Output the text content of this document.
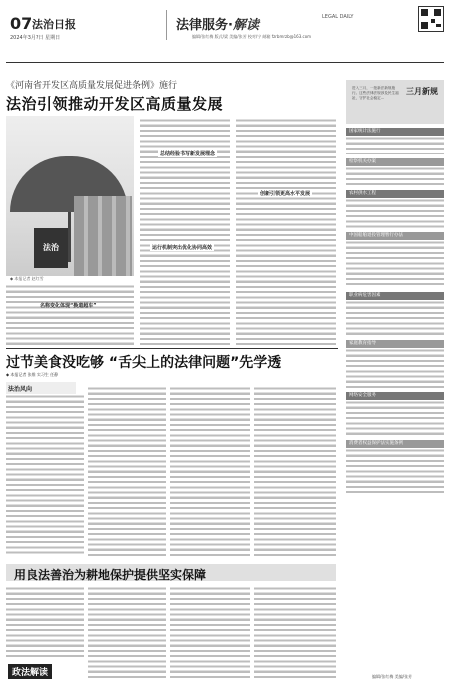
07 法治日报
2024年3月?日 星期日
法律服务·解读
LEGAL DAILY
编辑/张红梅 版式/梁 美编/张芳 校对/宁 邮箱 fzrbmrzb@163.com
《河南省开发区高质量发展促进条例》施行
法治引领推动开发区高质量发展
法治
◆ 本报记者 赵红雪
名称变化体现“换道超车”
总结经验书写新发展理念
运行机制突出优化协同高效
创新引领更高水平发展
进入三月，一批新法新规施行。这些法律法规涉及民生福祉，守护社会稳定…
三月新规
国家统计法施行
检察机关办案
农村供水工程
中国船舶退役管理暂行办法
职业病危害因素
家庭教育指导
网络安全服务
消费者权益保护法实施条例
编辑/张红梅 美编/张芳
过节美食没吃够 “舌尖上的法律问题”先学透
◆ 本报记者 张维 实习生 任静
法治风向
用良法善治为耕地保护提供坚实保障
政法解读
